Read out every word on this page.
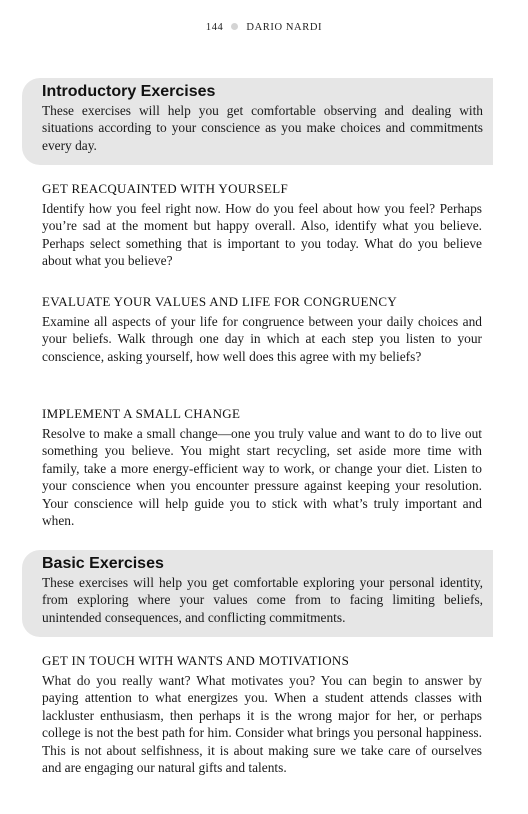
144 DARIO NARDI
Introductory Exercises

These exercises will help you get comfortable observing and dealing with situations according to your conscience as you make choices and commitments every day.

GET REACQUAINTED WITH YOURSELF

Identify how you feel right now. How do you feel about how you feel? Perhaps you’re sad at the moment but happy overall. Also, identify what you believe. Perhaps select something that is important to you today. What do you believe about what you believe?

EVALUATE YOUR VALUES AND LIFE FOR CONGRUENCY

Examine all aspects of your life for congruence between your daily choices and your beliefs. Walk through one day in which at each step you listen to your conscience, asking yourself, how well does this agree with my beliefs?

IMPLEMENT A SMALL CHANGE

Resolve to make a small change—one you truly value and want to do to live out something you believe. You might start recycling, set aside more time with family, take a more energy-efficient way to work, or change your diet. Listen to your conscience when you encounter pressure against keeping your resolution. Your conscience will help guide you to stick with what’s truly important and when.

Basic Exercises

These exercises will help you get comfortable exploring your personal identity, from exploring where your values come from to facing limiting beliefs, unintended consequences, and conflicting commitments.

GET IN TOUCH WITH WANTS AND MOTIVATIONS

What do you really want? What motivates you? You can begin to answer by paying attention to what energizes you. When a student attends classes with lackluster enthusiasm, then perhaps it is the wrong major for her, or perhaps college is not the best path for him. Consider what brings you personal happiness. This is not about selfishness, it is about making sure we take care of ourselves and are engaging our natural gifts and talents.
